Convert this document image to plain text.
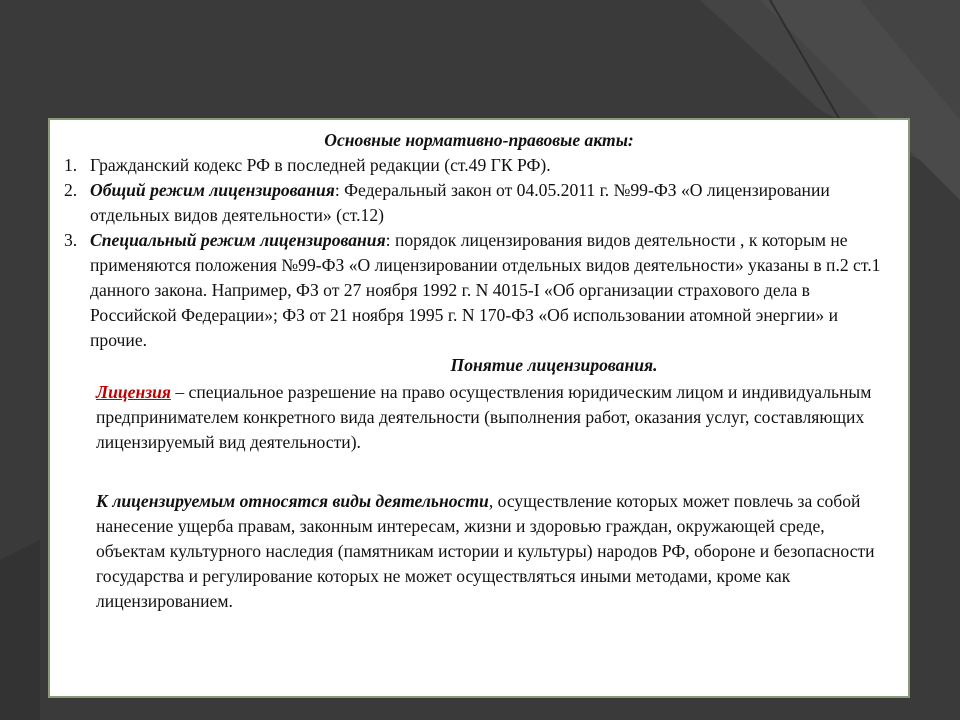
Основные нормативно-правовые акты:
1. Гражданский кодекс РФ в последней редакции (ст.49 ГК РФ).
2. Общий режим лицензирования: Федеральный закон от 04.05.2011 г. №99-ФЗ «О лицензировании отдельных видов деятельности» (ст.12)
3. Специальный режим лицензирования: порядок лицензирования видов деятельности , к которым не применяются положения №99-ФЗ «О лицензировании отдельных видов деятельности» указаны в п.2 ст.1 данного закона. Например, ФЗ от 27 ноября 1992 г. N 4015-I «Об организации страхового дела в Российской Федерации»; ФЗ от 21 ноября 1995 г. N 170-ФЗ «Об использовании атомной энергии» и прочие.
Понятие лицензирования.
Лицензия – специальное разрешение на право осуществления юридическим лицом и индивидуальным предпринимателем конкретного вида деятельности (выполнения работ, оказания услуг, составляющих лицензируемый вид деятельности).
К лицензируемым относятся виды деятельности, осуществление которых может повлечь за собой нанесение ущерба правам, законным интересам, жизни и здоровью граждан, окружающей среде, объектам культурного наследия (памятникам истории и культуры) народов РФ, обороне и безопасности государства и регулирование которых не может осуществляться иными методами, кроме как лицензированием.
